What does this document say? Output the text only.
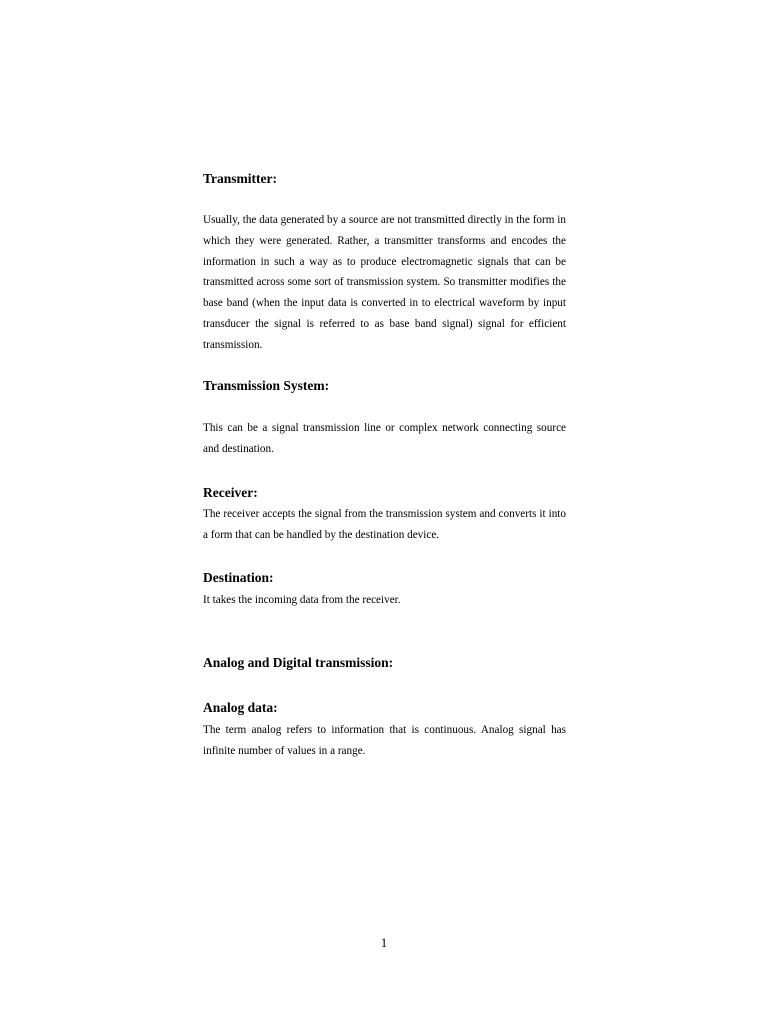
Transmitter:

Usually, the data generated by a source are not transmitted directly in the form in which they were generated. Rather, a transmitter transforms and encodes the information in such a way as to produce electromagnetic signals that can be transmitted across some sort of transmission system. So transmitter modifies the base band (when the input data is converted in to electrical waveform by input transducer the signal is referred to as base band signal) signal for efficient transmission.

Transmission System:

This can be a signal transmission line or complex network connecting source and destination.

Receiver:

The receiver accepts the signal from the transmission system and converts it into a form that can be handled by the destination device.

Destination:

It takes the incoming data from the receiver.

Analog and Digital transmission:
Analog data:

The term analog refers to information that is continuous. Analog signal has infinite number of values in a range.

1
